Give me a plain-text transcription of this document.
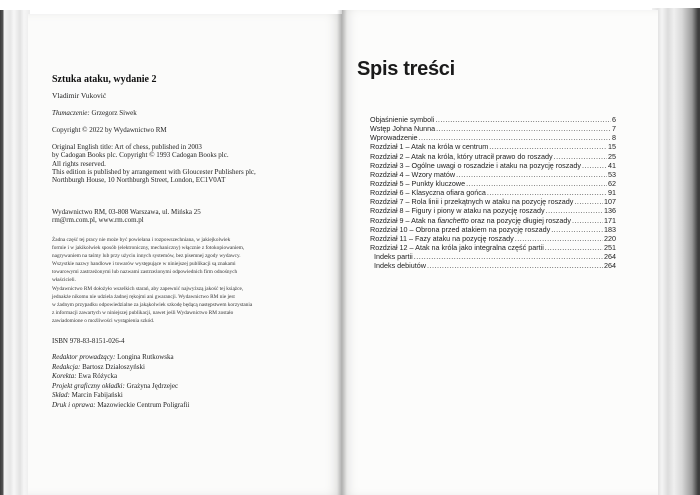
Sztuka ataku, wydanie 2
Vladimir Vuković
Tłumaczenie: Grzegorz Siwek
Copyright © 2022 by Wydawnictwo RM
Original English title: Art of chess, published in 2003
by Cadogan Books plc. Copyright © 1993 Cadogan Books plc.
All rights reserved.
This edition is published by arrangement with Gloucester Publishers plc,
Northburgh House, 10 Northburgh Street, London, EC1V0AT
Wydawnictwo RM, 03-808 Warszawa, ul. Mińska 25
rm@rm.com.pl, www.rm.com.pl
Żadna część tej pracy nie może być powielana i rozpowszechniana, w jakiejkolwiek
formie i w jakikolwiek sposób (elektroniczny, mechaniczny) włącznie z fotokopiowaniem,
nagrywaniem na taśmy lub przy użyciu innych systemów, bez pisemnej zgody wydawcy.
Wszystkie nazwy handlowe i towarów występujące w niniejszej publikacji są znakami
towarowymi zastrzeżonymi lub nazwami zastrzeżonymi odpowiednich firm odnośnych
właścicieli.
Wydawnictwo RM dołożyło wszelkich starań, aby zapewnić najwyższą jakość tej książce,
jednakże nikomu nie udziela żadnej rękojmi ani gwarancji. Wydawnictwo RM nie jest
w żadnym przypadku odpowiedzialne za jakąkolwiek szkodę będącą następstwem korzystania
z informacji zawartych w niniejszej publikacji, nawet jeśli Wydawnictwo RM zostało
zawiadomione o możliwości wystąpienia szkód.
ISBN 978-83-8151-026-4
Redaktor prowadzący: Longina Rutkowska
Redakcja: Bartosz Działoszyński
Korekta: Ewa Różycka
Projekt graficzny okładki: Grażyna Jędrzejec
Skład: Marcin Fabijański
Druk i oprawa: Mazowieckie Centrum Poligrafii
Spis treści
Objaśnienie symboli .....	6
Wstęp Johna Nunna .....	7
Wprowadzenie .....	8
Rozdział 1 – Atak na króla w centrum .....	15
Rozdział 2 – Atak na króla, który utracił prawo do roszady .....	25
Rozdział 3 – Ogólne uwagi o roszadzie i ataku na pozycję roszady .....	41
Rozdział 4 – Wzory matów .....	53
Rozdział 5 – Punkty kluczowe .....	62
Rozdział 6 – Klasyczna ofiara gońca .....	91
Rozdział 7 – Rola linii i przekątnych w ataku na pozycję roszady .....	107
Rozdział 8 – Figury i piony w ataku na pozycję roszady .....	136
Rozdział 9 – Atak na fianchetto oraz na pozycję długiej roszady .....	171
Rozdział 10 – Obrona przed atakiem na pozycję roszady .....	183
Rozdział 11 – Fazy ataku na pozycję roszady .....	220
Rozdział 12 – Atak na króla jako integralna część partii .....	251
Indeks partii .....	264
Indeks debiutów .....	264
